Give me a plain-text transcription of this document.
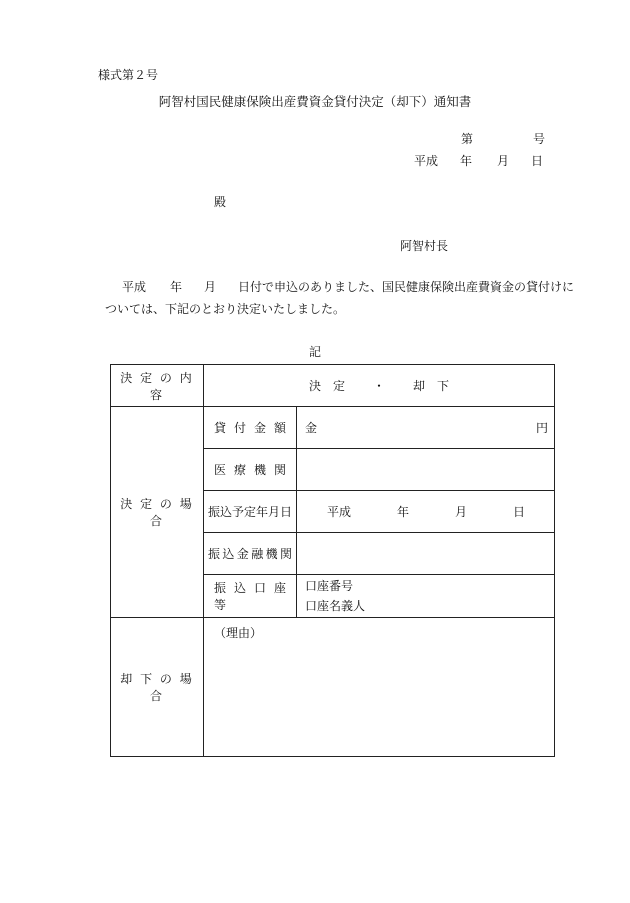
様式第２号
阿智村国民健康保険出産費資金貸付決定（却下）通知書
第	号
平成 年 月 日
殿
阿智村長
平成 年 月 日付で申込のありました、国民健康保険出産費資金の貸付けに
ついては、下記のとおり決定いたしました。
記
決 定 の 内 容	決　定 ・ 却　下	
決 定 の 場 合	貸 付 金 額	金 円

	医 療 機 関	
	振込予定年月日	平成 年 月 日
	振込金融機関	
	振 込 口 座 等	口座番号
口座名義人

却 下 の 場 合	（理由）	
